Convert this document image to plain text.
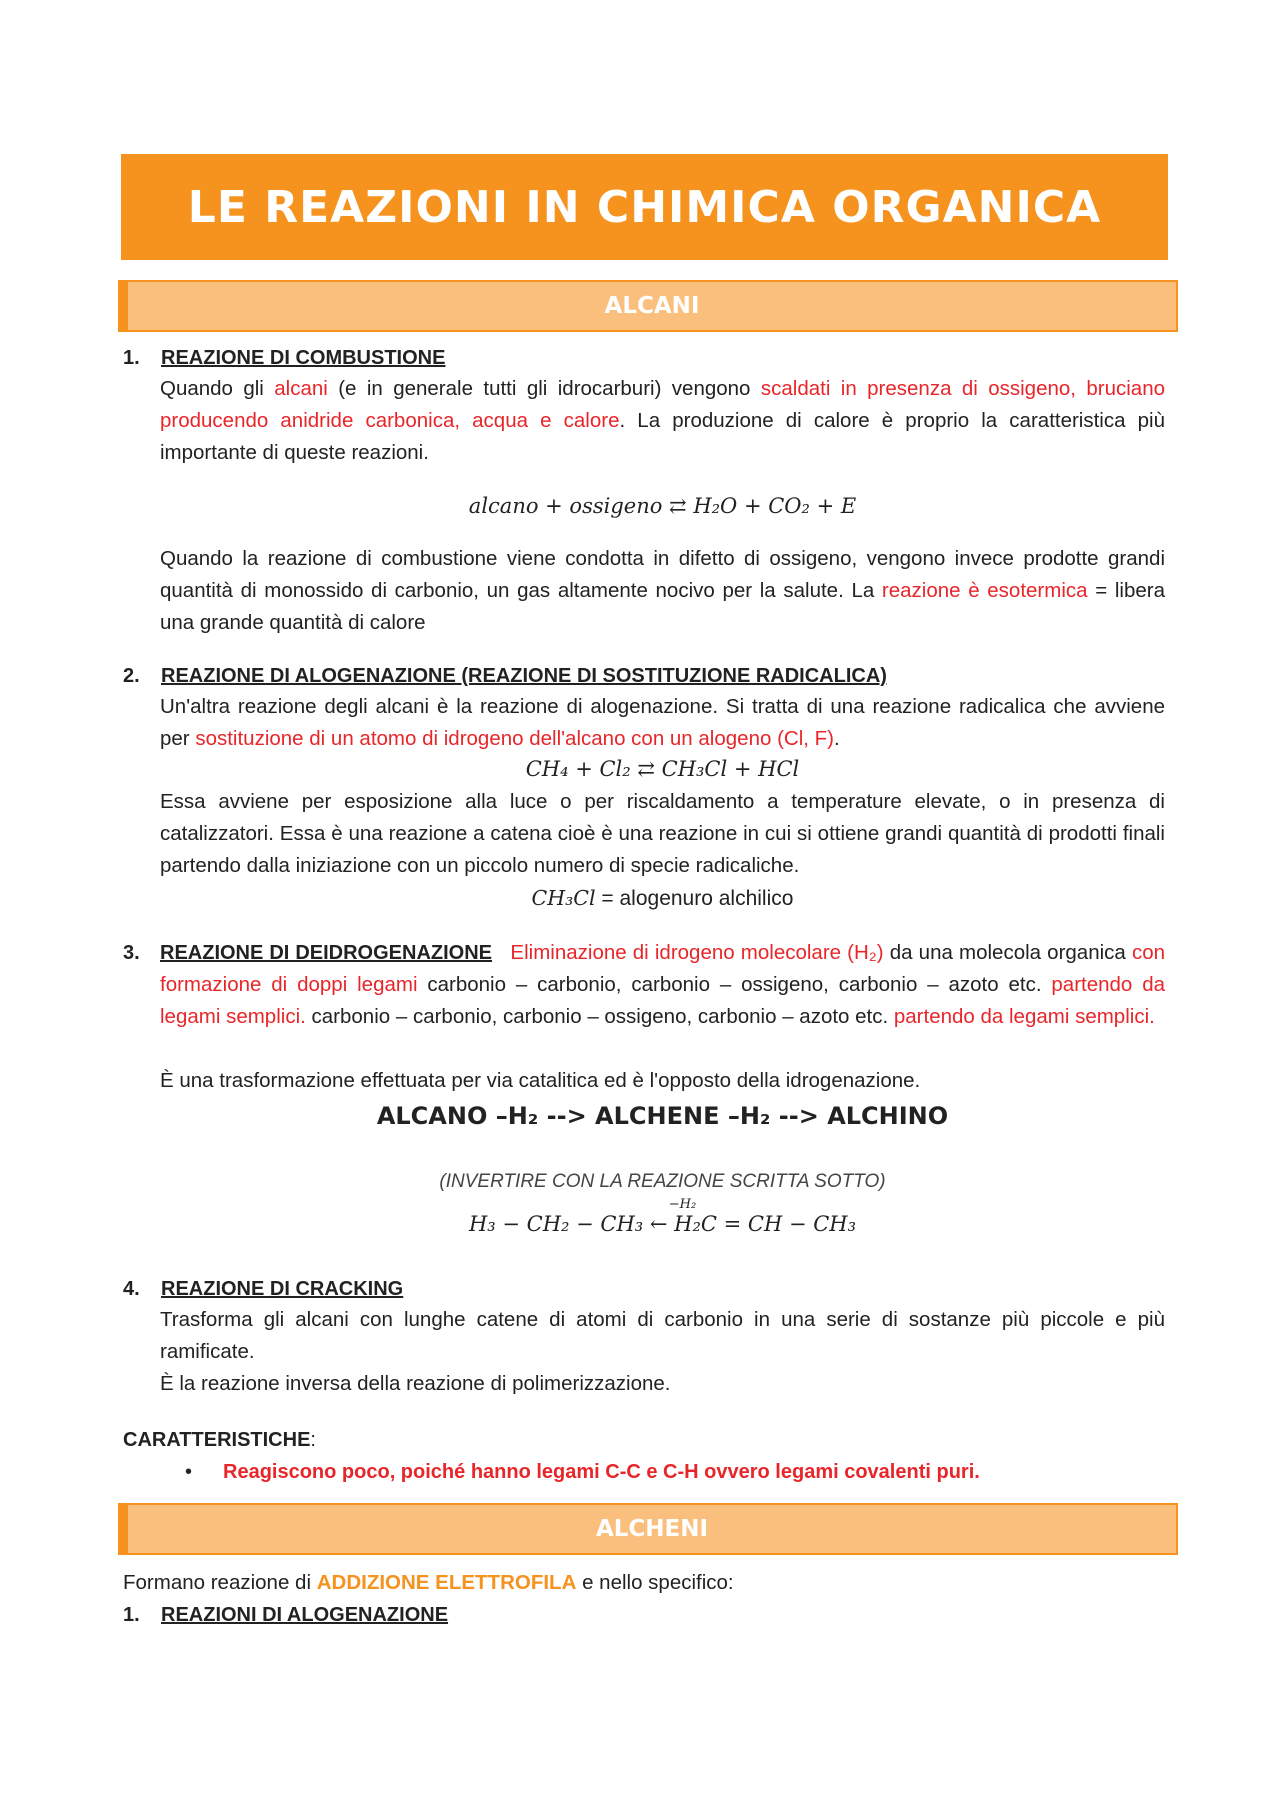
LE REAZIONI IN CHIMICA ORGANICA
ALCANI
1. REAZIONE DI COMBUSTIONE
Quando gli alcani (e in generale tutti gli idrocarburi) vengono scaldati in presenza di ossigeno, bruciano producendo anidride carbonica, acqua e calore. La produzione di calore è proprio la caratteristica più importante di queste reazioni.
alcano + ossigeno ⇄ H₂O + CO₂ + E
Quando la reazione di combustione viene condotta in difetto di ossigeno, vengono invece prodotte grandi quantità di monossido di carbonio, un gas altamente nocivo per la salute. La reazione è esotermica = libera una grande quantità di calore
2. REAZIONE DI ALOGENAZIONE (REAZIONE DI SOSTITUZIONE RADICALICA)
Un'altra reazione degli alcani è la reazione di alogenazione. Si tratta di una reazione radicalica che avviene per sostituzione di un atomo di idrogeno dell'alcano con un alogeno (Cl, F).
CH₄ + Cl₂ ⇄ CH₃Cl + HCl
Essa avviene per esposizione alla luce o per riscaldamento a temperature elevate, o in presenza di catalizzatori. Essa è una reazione a catena cioè è una reazione in cui si ottiene grandi quantità di prodotti finali partendo dalla iniziazione con un piccolo numero di specie radicaliche.
CH₃Cl = alogenuro alchilico
3. REAZIONE DI DEIDROGENAZIONE Eliminazione di idrogeno molecolare (H₂) da una molecola organica con formazione di doppi legami carbonio – carbonio, carbonio – ossigeno, carbonio – azoto etc. partendo da legami semplici. carbonio – carbonio, carbonio – ossigeno, carbonio – azoto etc. partendo da legami semplici.
È una trasformazione effettuata per via catalitica ed è l'opposto della idrogenazione.
ALCANO –H₂ --> ALCHENE –H₂ --> ALCHINO
(INVERTIRE CON LA REAZIONE SCRITTA SOTTO)
−H₂
H₃ − CH₂ − CH₃ ← H₂C = CH − CH₃
4. REAZIONE DI CRACKING
Trasforma gli alcani con lunghe catene di atomi di carbonio in una serie di sostanze più piccole e più ramificate.
È la reazione inversa della reazione di polimerizzazione.
CARATTERISTICHE:
• Reagiscono poco, poiché hanno legami C-C e C-H ovvero legami covalenti puri.
ALCHENI
Formano reazione di ADDIZIONE ELETTROFILA e nello specifico:
1. REAZIONI DI ALOGENAZIONE
